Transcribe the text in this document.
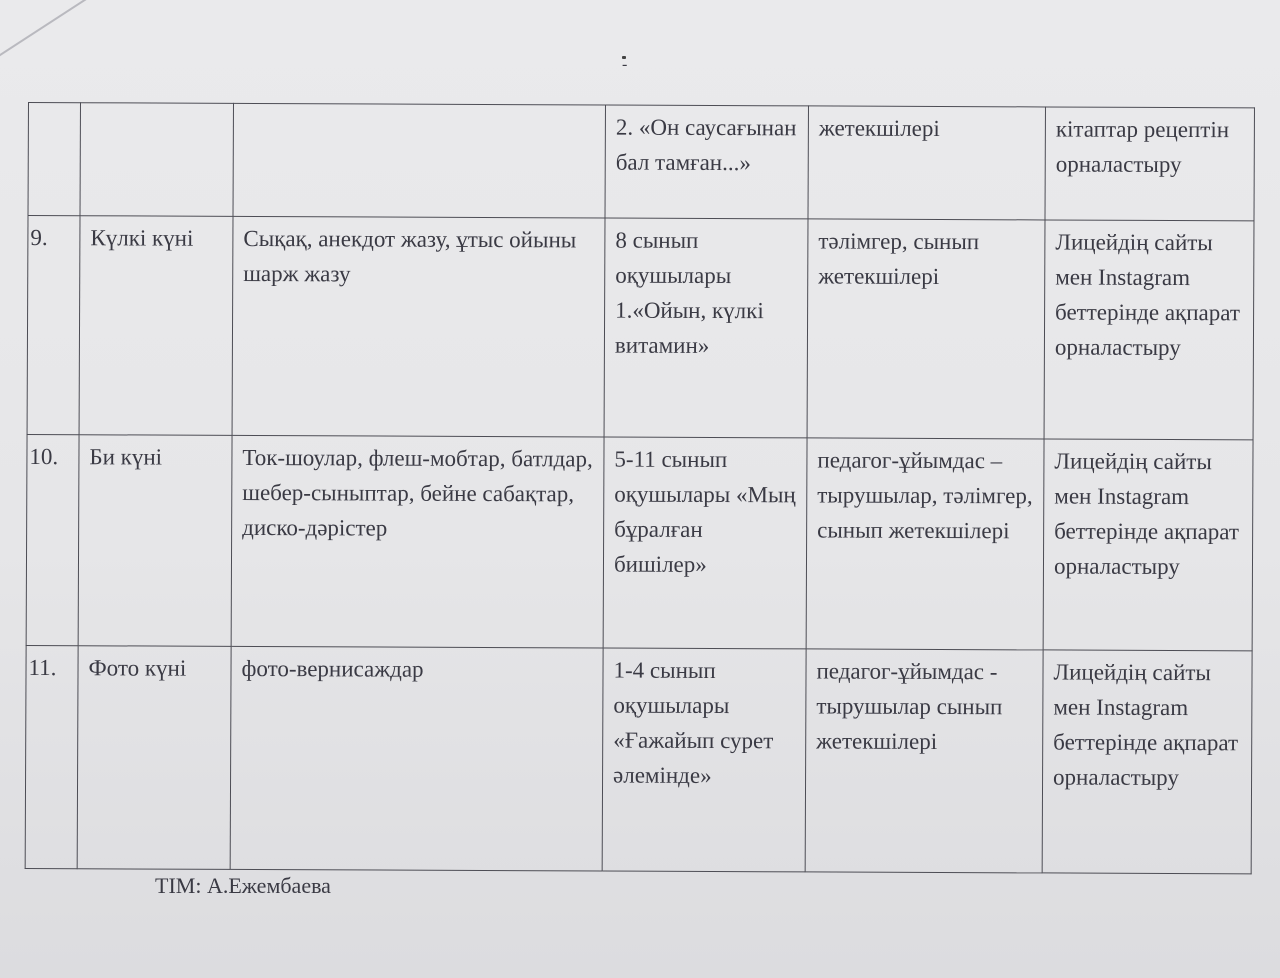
-
			2. «Он саусағынан бал тамған...»	жетекшілері	кітаптар рецептін орналастыру
9.	Күлкі күні	Сықақ, анекдот жазу, ұтыс ойыны шарж жазу	8 сынып оқушылары 1.«Ойын, күлкі витамин»	тәлімгер, сынып жетекшілері	Лицейдің сайты мен Instagram беттерінде ақпарат орналастыру
10.	Би күні	Ток-шоулар, флеш-мобтар, батлдар, шебер-сыныптар, бейне сабақтар, диско-дәрістер	5-11 сынып оқушылары «Мың бұралған бишілер»	педагог-ұйымдас –тырушылар, тәлімгер, сынып жетекшілері	Лицейдің сайты мен Instagram беттерінде ақпарат орналастыру
11.	Фото күні	фото-вернисаждар	1-4 сынып оқушылары «Ғажайып сурет әлемінде»	педагог-ұйымдас - тырушылар сынып жетекшілері	Лицейдің сайты мен Instagram беттерінде ақпарат орналастыру
ТІМ: А.Ежембаева
